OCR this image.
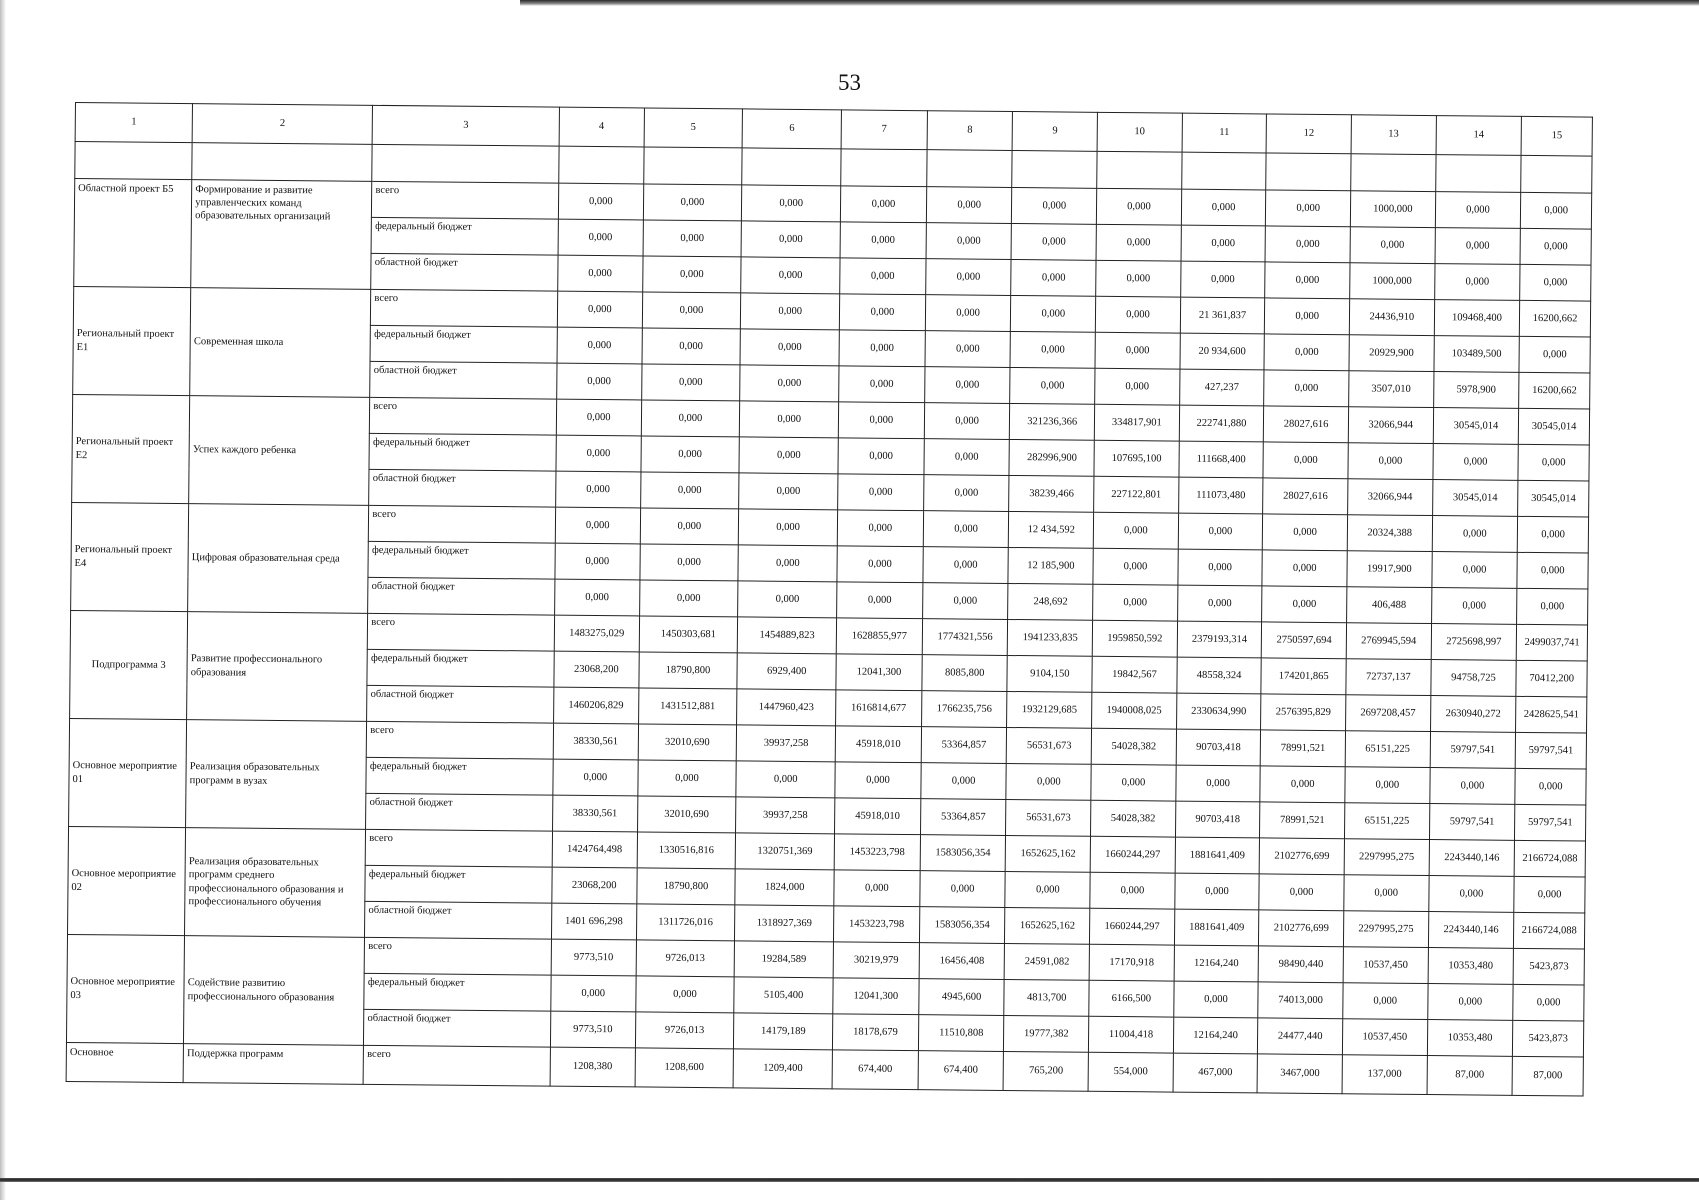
53
1	2	3	4	5	6	7	8	9	10	11	12	13	14	15

Областной проект Б5	Формирование и развитие управленческих команд образовательных организаций	всего	0,000	0,000	0,000	0,000	0,000	0,000	0,000	0,000	0,000	1000,000	0,000	0,000
		федеральный бюджет	0,000	0,000	0,000	0,000	0,000	0,000	0,000	0,000	0,000	0,000	0,000	0,000
		областной бюджет	0,000	0,000	0,000	0,000	0,000	0,000	0,000	0,000	0,000	1000,000	0,000	0,000
Региональный проект Е1	Современная школа	всего	0,000	0,000	0,000	0,000	0,000	0,000	0,000	21 361,837	0,000	24436,910	109468,400	16200,662
		федеральный бюджет	0,000	0,000	0,000	0,000	0,000	0,000	0,000	20 934,600	0,000	20929,900	103489,500	0,000
		областной бюджет	0,000	0,000	0,000	0,000	0,000	0,000	0,000	427,237	0,000	3507,010	5978,900	16200,662
Региональный проект Е2	Успех каждого ребенка	всего	0,000	0,000	0,000	0,000	0,000	321236,366	334817,901	222741,880	28027,616	32066,944	30545,014	30545,014
		федеральный бюджет	0,000	0,000	0,000	0,000	0,000	282996,900	107695,100	111668,400	0,000	0,000	0,000	0,000
		областной бюджет	0,000	0,000	0,000	0,000	0,000	38239,466	227122,801	111073,480	28027,616	32066,944	30545,014	30545,014
Региональный проект Е4	Цифровая образовательная среда	всего	0,000	0,000	0,000	0,000	0,000	12 434,592	0,000	0,000	0,000	20324,388	0,000	0,000
		федеральный бюджет	0,000	0,000	0,000	0,000	0,000	12 185,900	0,000	0,000	0,000	19917,900	0,000	0,000
		областной бюджет	0,000	0,000	0,000	0,000	0,000	248,692	0,000	0,000	0,000	406,488	0,000	0,000
Подпрограмма 3	Развитие профессионального образования	всего	1483275,029	1450303,681	1454889,823	1628855,977	1774321,556	1941233,835	1959850,592	2379193,314	2750597,694	2769945,594	2725698,997	2499037,741
		федеральный бюджет	23068,200	18790,800	6929,400	12041,300	8085,800	9104,150	19842,567	48558,324	174201,865	72737,137	94758,725	70412,200
		областной бюджет	1460206,829	1431512,881	1447960,423	1616814,677	1766235,756	1932129,685	1940008,025	2330634,990	2576395,829	2697208,457	2630940,272	2428625,541
Основное мероприятие 01	Реализация образовательных программ в вузах	всего	38330,561	32010,690	39937,258	45918,010	53364,857	56531,673	54028,382	90703,418	78991,521	65151,225	59797,541	59797,541
		федеральный бюджет	0,000	0,000	0,000	0,000	0,000	0,000	0,000	0,000	0,000	0,000	0,000	0,000
		областной бюджет	38330,561	32010,690	39937,258	45918,010	53364,857	56531,673	54028,382	90703,418	78991,521	65151,225	59797,541	59797,541
Основное мероприятие 02	Реализация образовательных программ среднего профессионального образования и профессионального обучения	всего	1424764,498	1330516,816	1320751,369	1453223,798	1583056,354	1652625,162	1660244,297	1881641,409	2102776,699	2297995,275	2243440,146	2166724,088
		федеральный бюджет	23068,200	18790,800	1824,000	0,000	0,000	0,000	0,000	0,000	0,000	0,000	0,000	0,000
		областной бюджет	1401 696,298	1311726,016	1318927,369	1453223,798	1583056,354	1652625,162	1660244,297	1881641,409	2102776,699	2297995,275	2243440,146	2166724,088
Основное мероприятие 03	Содействие развитию профессионального образования	всего	9773,510	9726,013	19284,589	30219,979	16456,408	24591,082	17170,918	12164,240	98490,440	10537,450	10353,480	5423,873
		федеральный бюджет	0,000	0,000	5105,400	12041,300	4945,600	4813,700	6166,500	0,000	74013,000	0,000	0,000	0,000
		областной бюджет	9773,510	9726,013	14179,189	18178,679	11510,808	19777,382	11004,418	12164,240	24477,440	10537,450	10353,480	5423,873
Основное	Поддержка программ	всего	1208,380	1208,600	1209,400	674,400	674,400	765,200	554,000	467,000	3467,000	137,000	87,000	87,000
